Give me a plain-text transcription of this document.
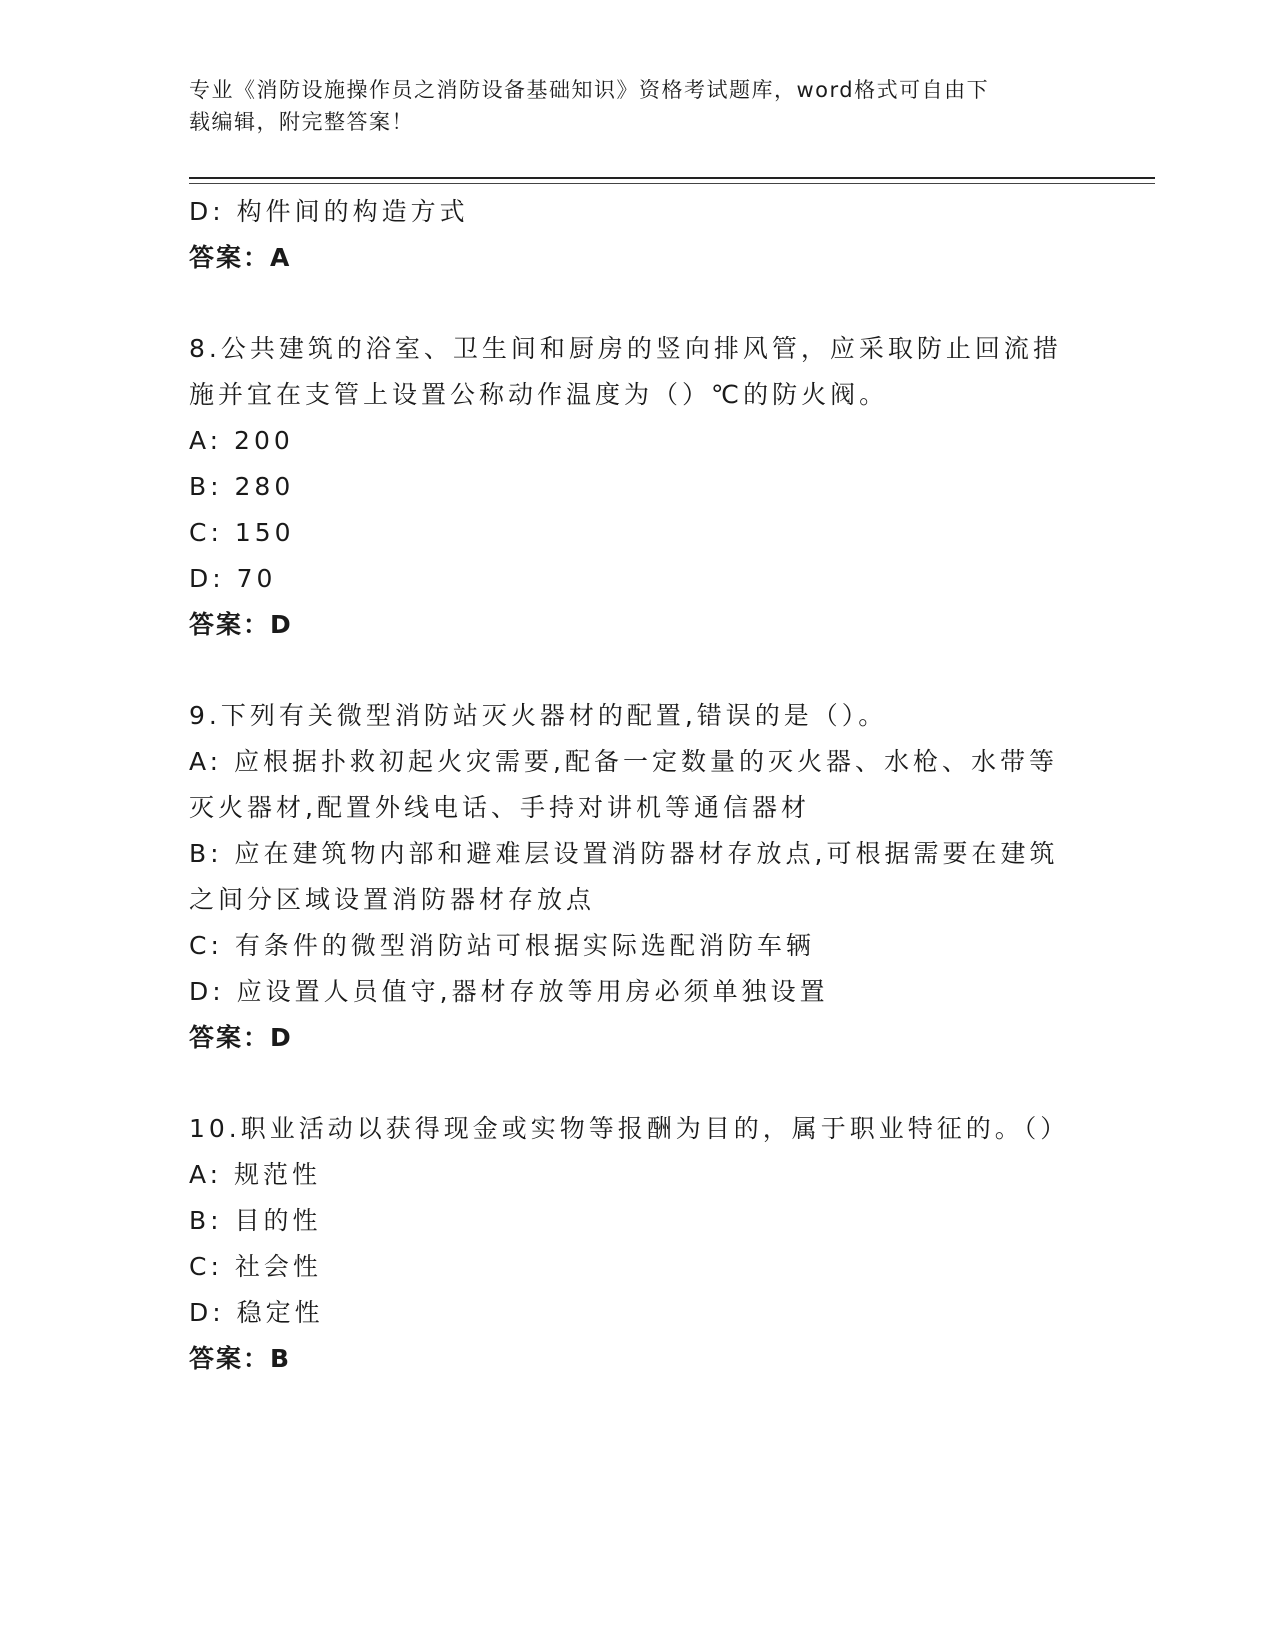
专业《消防设施操作员之消防设备基础知识》资格考试题库，word格式可自由下
载编辑，附完整答案！
D: 构件间的构造方式
答案：A
8.公共建筑的浴室、卫生间和厨房的竖向排风管，应采取防止回流措
施并宜在支管上设置公称动作温度为（）℃的防火阀。
A: 200
B: 280
C: 150
D: 70
答案：D
9.下列有关微型消防站灭火器材的配置,错误的是（）。
A: 应根据扑救初起火灾需要,配备一定数量的灭火器、水枪、水带等
灭火器材,配置外线电话、手持对讲机等通信器材
B: 应在建筑物内部和避难层设置消防器材存放点,可根据需要在建筑
之间分区域设置消防器材存放点
C: 有条件的微型消防站可根据实际选配消防车辆
D: 应设置人员值守,器材存放等用房必须单独设置
答案：D
10.职业活动以获得现金或实物等报酬为目的，属于职业特征的。（）
A: 规范性
B: 目的性
C: 社会性
D: 稳定性
答案：B
